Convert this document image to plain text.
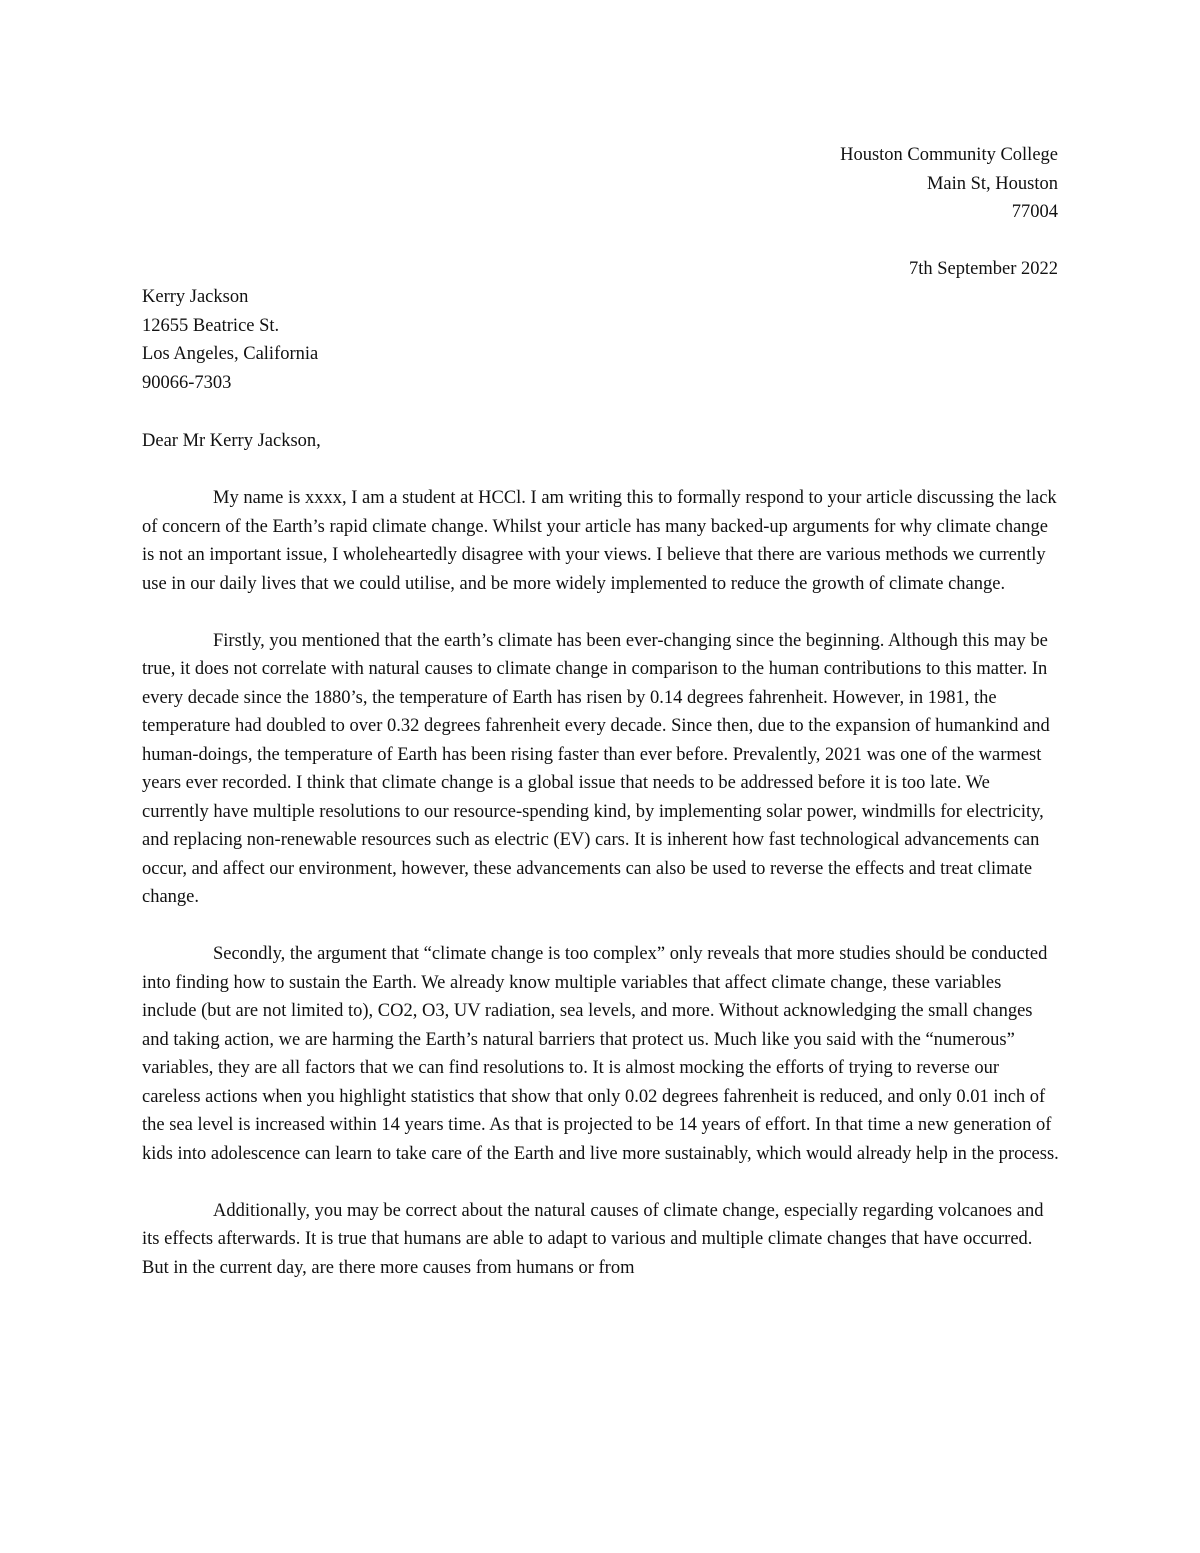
Houston Community College
Main St, Houston
77004
7th September 2022
Kerry Jackson
12655 Beatrice St.
Los Angeles, California
90066-7303
Dear Mr Kerry Jackson,

My name is xxxx, I am a student at HCCl. I am writing this to formally respond to your article discussing the lack of concern of the Earth’s rapid climate change. Whilst your article has many backed-up arguments for why climate change is not an important issue, I wholeheartedly disagree with your views. I believe that there are various methods we currently use in our daily lives that we could utilise, and be more widely implemented to reduce the growth of climate change.

Firstly, you mentioned that the earth’s climate has been ever-changing since the beginning. Although this may be true, it does not correlate with natural causes to climate change in comparison to the human contributions to this matter. In every decade since the 1880’s, the temperature of Earth has risen by 0.14 degrees fahrenheit. However, in 1981, the temperature had doubled to over 0.32 degrees fahrenheit every decade. Since then, due to the expansion of humankind and human-doings, the temperature of Earth has been rising faster than ever before. Prevalently, 2021 was one of the warmest years ever recorded. I think that climate change is a global issue that needs to be addressed before it is too late. We currently have multiple resolutions to our resource-spending kind, by implementing solar power, windmills for electricity, and replacing non-renewable resources such as electric (EV) cars. It is inherent how fast technological advancements can occur, and affect our environment, however, these advancements can also be used to reverse the effects and treat climate change.

Secondly, the argument that “climate change is too complex” only reveals that more studies should be conducted into finding how to sustain the Earth. We already know multiple variables that affect climate change, these variables include (but are not limited to), CO2, O3, UV radiation, sea levels, and more. Without acknowledging the small changes and taking action, we are harming the Earth’s natural barriers that protect us. Much like you said with the “numerous” variables, they are all factors that we can find resolutions to. It is almost mocking the efforts of trying to reverse our careless actions when you highlight statistics that show that only 0.02 degrees fahrenheit is reduced, and only 0.01 inch of the sea level is increased within 14 years time. As that is projected to be 14 years of effort. In that time a new generation of kids into adolescence can learn to take care of the Earth and live more sustainably, which would already help in the process.

Additionally, you may be correct about the natural causes of climate change, especially regarding volcanoes and its effects afterwards. It is true that humans are able to adapt to various and multiple climate changes that have occurred. But in the current day, are there more causes from humans or from
